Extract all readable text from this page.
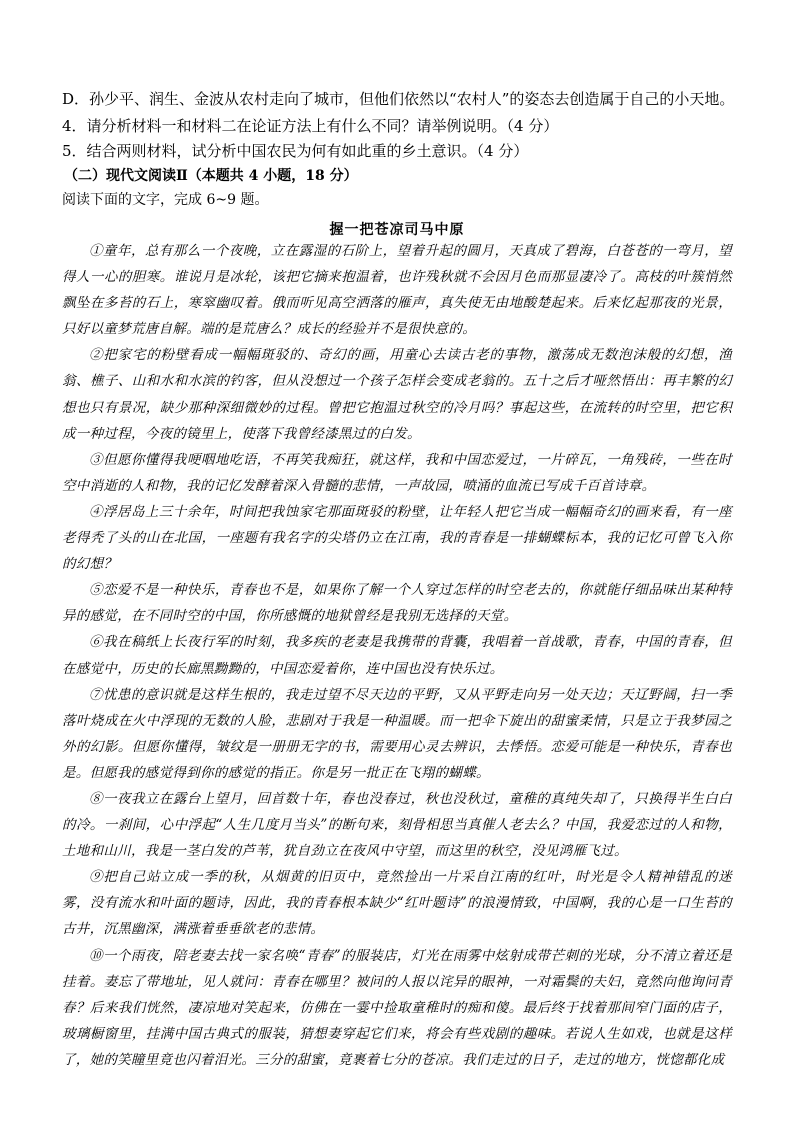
D．孙少平、润生、金波从农村走向了城市，但他们依然以“农村人”的姿态去创造属于自己的小天地。
4．请分析材料一和材料二在论证方法上有什么不同？请举例说明。（4 分）
5．结合两则材料，试分析中国农民为何有如此重的乡土意识。（4 分）
（二）现代文阅读Ⅱ（本题共 4 小题，18 分）
阅读下面的文字，完成 6~9 题。
握一把苍凉司马中原

①童年，总有那么一个夜晚，立在露湿的石阶上，望着升起的圆月，天真成了碧海，白苍苍的一弯月，望得人一心的胆寒。谁说月是冰轮，该把它摘来抱温着，也许残秋就不会因月色而那显凄冷了。高枝的叶簇悄然飘坠在多苔的石上，寒窣幽叹着。俄而听见高空洒落的雁声，真失使无由地酸楚起来。后来忆起那夜的光景，只好以童梦荒唐自解。端的是荒唐么？成长的经验并不是很快意的。

②把家宅的粉壁看成一幅幅斑驳的、奇幻的画，用童心去读古老的事物，激荡成无数泡沫般的幻想，渔翁、樵子、山和水和水滨的钓客，但从没想过一个孩子怎样会变成老翁的。五十之后才哑然悟出：再丰繁的幻想也只有景况，缺少那种深细微妙的过程。曾把它抱温过秋空的冷月吗？事起这些，在流转的时空里，把它积成一种过程，今夜的镜里上，使落下我曾经漆黑过的白发。

③但愿你懂得我哽咽地吃语，不再笑我痴狂，就这样，我和中国恋爱过，一片碎瓦，一角残砖，一些在时空中消逝的人和物，我的记忆发酵着深入骨髓的悲情，一声故园，喷涌的血流已写成千百首诗章。

④浮居岛上三十余年，时间把我蚀家宅那面斑驳的粉壁，让年轻人把它当成一幅幅奇幻的画来看，有一座老得秃了头的山在北国，一座题有我名字的尖塔仍立在江南，我的青春是一排蝴蝶标本，我的记忆可曾飞入你的幻想？

⑤恋爱不是一种快乐，青春也不是，如果你了解一个人穿过怎样的时空老去的，你就能仔细品味出某种特异的感觉，在不同时空的中国，你所感慨的地狱曾经是我别无选择的天堂。

⑥我在稿纸上长夜行军的时刻，我多疾的老妻是我携带的背囊，我唱着一首战歌，青春，中国的青春，但在感觉中，历史的长廊黑黝黝的，中国恋爱着你，连中国也没有快乐过。

⑦忧患的意识就是这样生根的，我走过望不尽天边的平野，又从平野走向另一处天边；天辽野阔，扫一季落叶烧成在火中浮现的无数的人脸，悲剧对于我是一种温暖。而一把伞下旋出的甜蜜柔情，只是立于我梦园之外的幻影。但愿你懂得，皱纹是一册册无字的书，需要用心灵去辨识，去悸悟。恋爱可能是一种快乐，青春也是。但愿我的感觉得到你的感觉的指正。你是另一批正在飞翔的蝴蝶。

⑧一夜我立在露台上望月，回首数十年，春也没春过，秋也没秋过，童稚的真纯失却了，只换得半生白白的冷。一刹间，心中浮起“人生几度月当头”的断句来，刻骨相思当真催人老去么？中国，我爱恋过的人和物，土地和山川，我是一茎白发的芦苇，犹自劲立在夜风中守望，而这里的秋空，没见鸿雁飞过。

⑨把自己站立成一季的秋，从烟黄的旧页中，竟然捡出一片采自江南的红叶，时光是令人精神错乱的迷雾，没有流水和叶面的题诗，因此，我的青春根本缺少“红叶题诗”的浪漫情致，中国啊，我的心是一口生苔的古井，沉黑幽深，满涨着垂垂欲老的悲情。

⑩一个雨夜，陪老妻去找一家名唤“青春”的服装店，灯光在雨雾中炫射成带芒刺的光球，分不清立着还是挂着。妻忘了带地址，见人就问：青春在哪里？被问的人报以诧异的眼神，一对霜鬓的夫妇，竟然向他询问青春？后来我们恍然，凄凉地对笑起来，仿佛在一霎中捡取童稚时的痴和傻。最后终于找着那间窄门面的店子，玻璃橱窗里，挂满中国古典式的服装，猜想妻穿起它们来，将会有些戏剧的趣味。若说人生如戏，也就是这样了，她的笑瞳里竟也闪着泪光。三分的甜蜜，竟裹着七分的苍凉。我们走过的日子，走过的地方，恍惚都化成
